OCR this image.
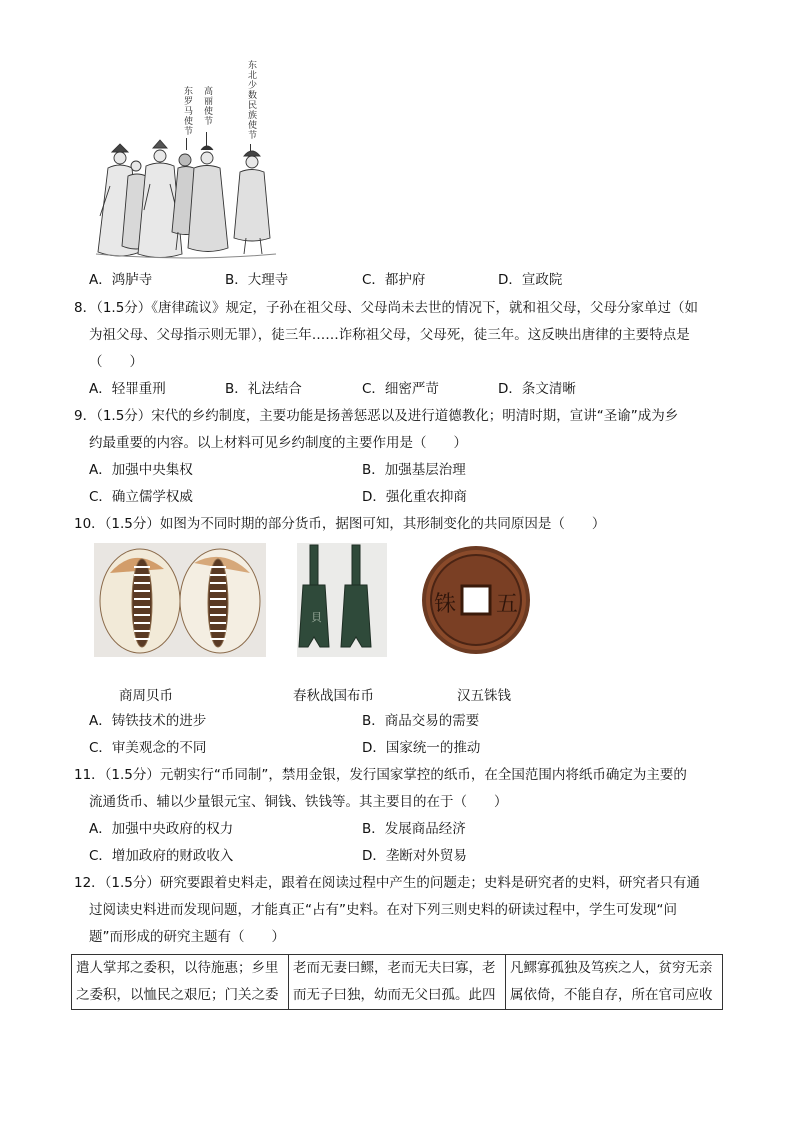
东罗马使节 高丽使节	东北少数民族使节
A．鸿胪寺	B．大理寺	C．都护府	D．宣政院
8．（1.5分）《唐律疏议》规定，子孙在祖父母、父母尚未去世的情况下，就和祖父母，父母分家单过（如
为祖父母、父母指示则无罪），徒三年……诈称祖父母，父母死，徒三年。这反映出唐律的主要特点是
（　　）
A．轻罪重刑	B．礼法结合	C．细密严苛	D．条文清晰
9．（1.5分）宋代的乡约制度，主要功能是扬善惩恶以及进行道德教化；明清时期，宣讲“圣谕”成为乡
约最重要的内容。以上材料可见乡约制度的主要作用是（　　）
A．加强中央集权	B．加强基层治理
C．确立儒学权威	D．强化重农抑商
10．（1.5分）如图为不同时期的部分货币，据图可知，其形制变化的共同原因是（　　）
貝
铢 五
商周贝币	春秋战国布币	汉五铢钱
A．铸铁技术的进步	B．商品交易的需要
C．审美观念的不同	D．国家统一的推动
11．（1.5分）元朝实行“币同制”，禁用金银，发行国家掌控的纸币，在全国范围内将纸币确定为主要的
流通货币、辅以少量银元宝、铜钱、铁钱等。其主要目的在于（　　）
A．加强中央政府的权力	B．发展商品经济
C．增加政府的财政收入	D．垄断对外贸易
12．（1.5分）研究要跟着史料走，跟着在阅读过程中产生的问题走；史料是研究者的史料，研究者只有通
过阅读史料进而发现问题，才能真正“占有”史料。在对下列三则史料的研读过程中，学生可发现“问
题”而形成的研究主题有（　　）
遣人掌邦之委积，以待施惠；乡里
之委积，以恤民之艰厄；门关之委

老而无妻曰鳏，老而无夫曰寡，老
而无子曰独，幼而无父曰孤。此四

凡鳏寡孤独及笃疾之人，贫穷无亲
属依倚，不能自存，所在官司应收
